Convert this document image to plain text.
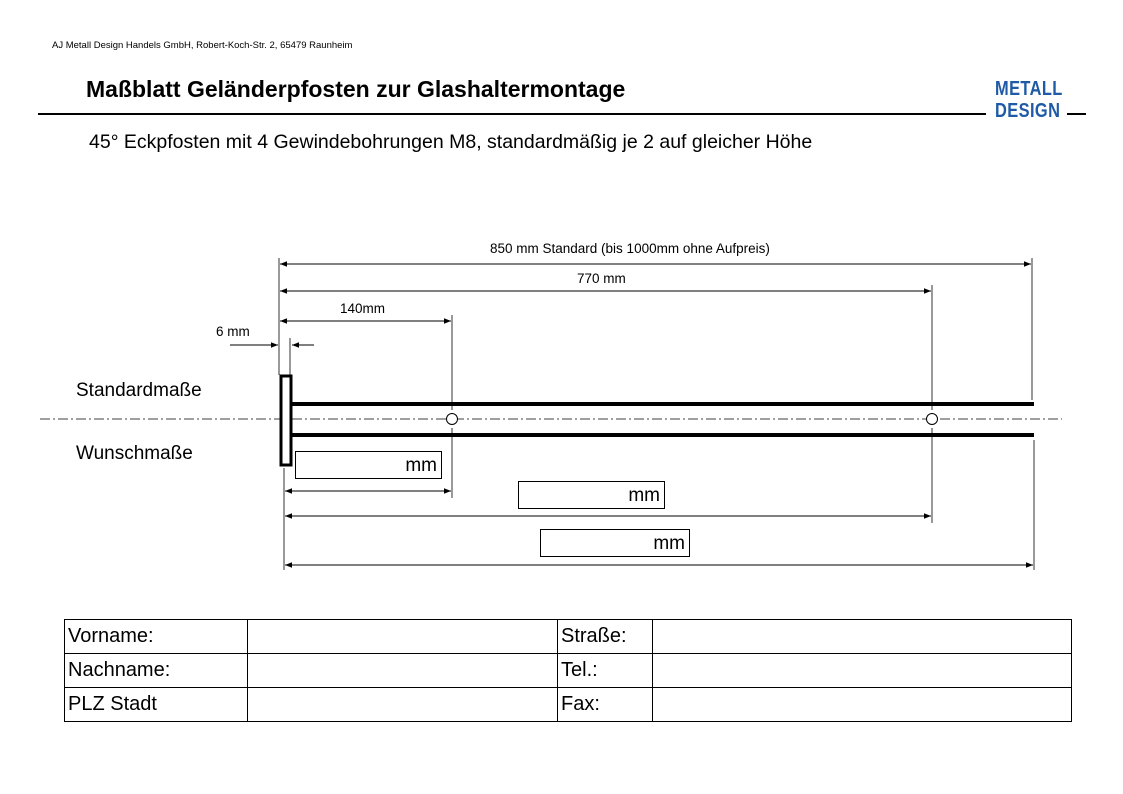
AJ Metall Design Handels GmbH, Robert-Koch-Str. 2, 65479 Raunheim
Maßblatt Geländerpfosten zur Glashaltermontage	METALL
DESIGN
45° Eckpfosten mit 4 Gewindebohrungen M8, standardmäßig je 2 auf gleicher Höhe
850 mm Standard (bis 1000mm ohne Aufpreis)
770 mm
140mm
6 mm
Standardmaße
Wunschmaße
mm
mm
mm
Vorname:		Straße:	
Nachname:		Tel.:	
PLZ Stadt		Fax:	
